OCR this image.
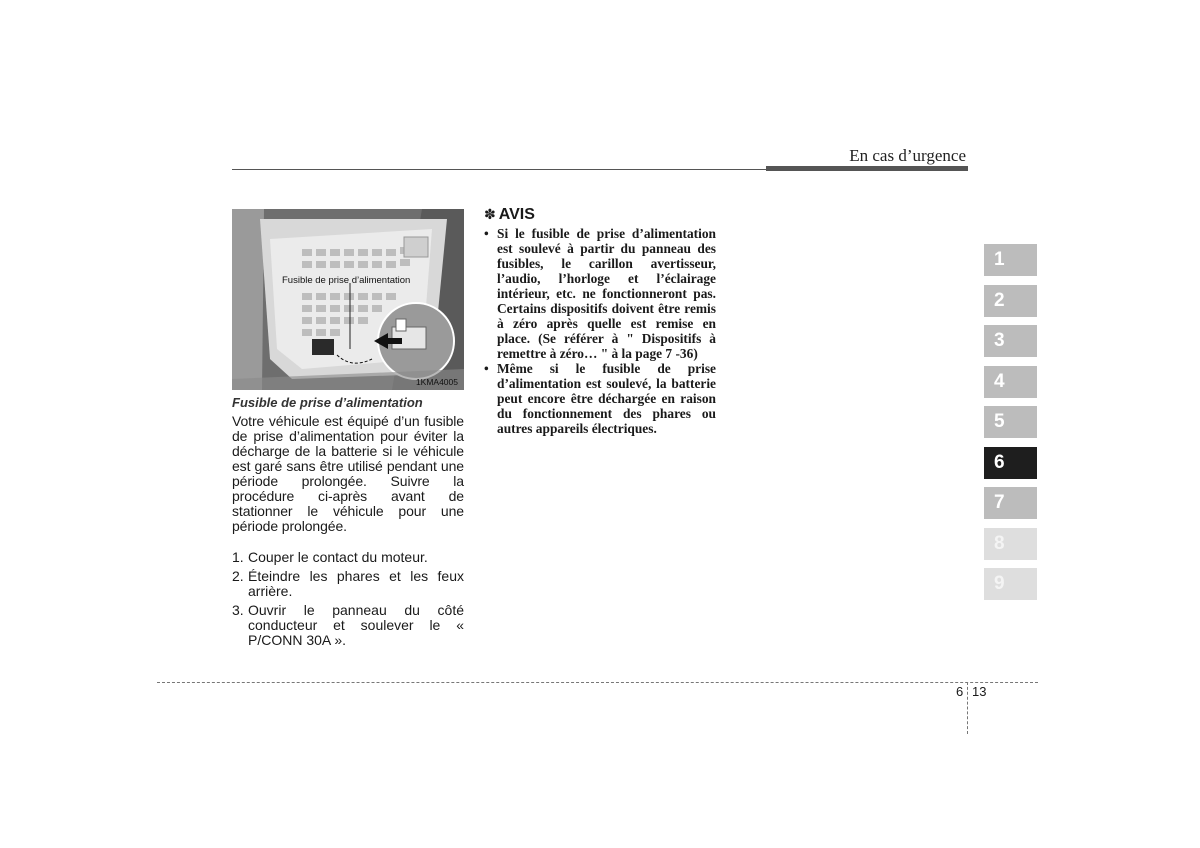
En cas d’urgence
Fusible de prise d’alimentation
1KMA4005

Fusible de prise d’alimentation

Votre véhicule est équipé d’un fusible de prise d’alimentation pour éviter la décharge de la batterie si le véhicule est garé sans être utilisé pendant une période prolongée. Suivre la procédure ci-après avant de stationner le véhicule pour une période prolongée.

1. Couper le contact du moteur.
2. Éteindre les phares et les feux arrière.
3. Ouvrir le panneau du côté conducteur et soulever le « P/CONN 30A ».
✽ AVIS
• Si le fusible de prise d’alimentation est soulevé à partir du panneau des fusibles, le carillon avertisseur, l’audio, l’horloge et l’éclairage intérieur, etc. ne fonctionneront pas. Certains dispositifs doivent être remis à zéro après quelle est remise en place. (Se référer à " Dispositifs à remettre à zéro… " à la page 7 -36)
• Même si le fusible de prise d’alimentation est soulevé, la batterie peut encore être déchargée en raison du fonctionnement des phares ou autres appareils électriques.
1
2
3
4
5
6
7
8
9
6 13
